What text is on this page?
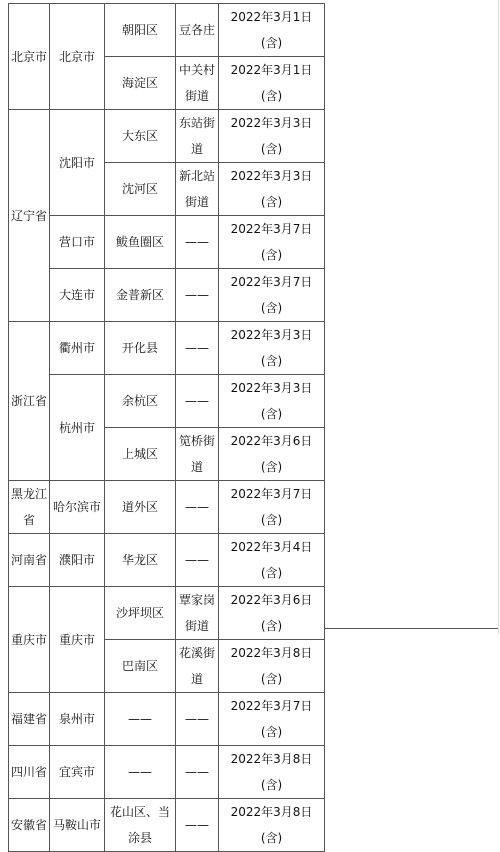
北京市	北京市	朝阳区	豆各庄	2022年3月1日(含)
		海淀区	中关村街道	2022年3月1日(含)
辽宁省	沈阳市	大东区	东站街道	2022年3月3日(含)
		沈河区	新北站街道	2022年3月3日(含)
	营口市	鲅鱼圈区	——	2022年3月7日(含)
	大连市	金普新区	——	2022年3月7日(含)
浙江省	衢州市	开化县	——	2022年3月3日(含)
	杭州市	余杭区	——	2022年3月3日(含)
		上城区	笕桥街道	2022年3月6日(含)
黑龙江省	哈尔滨市	道外区	——	2022年3月7日(含)
河南省	濮阳市	华龙区	——	2022年3月4日(含)
重庆市	重庆市	沙坪坝区	覃家岗街道	2022年3月6日(含)
		巴南区	花溪街道	2022年3月8日(含)
福建省	泉州市	——	——	2022年3月7日(含)
四川省	宜宾市	——	——	2022年3月8日(含)
安徽省	马鞍山市	花山区、当涂县	——	2022年3月8日(含)
